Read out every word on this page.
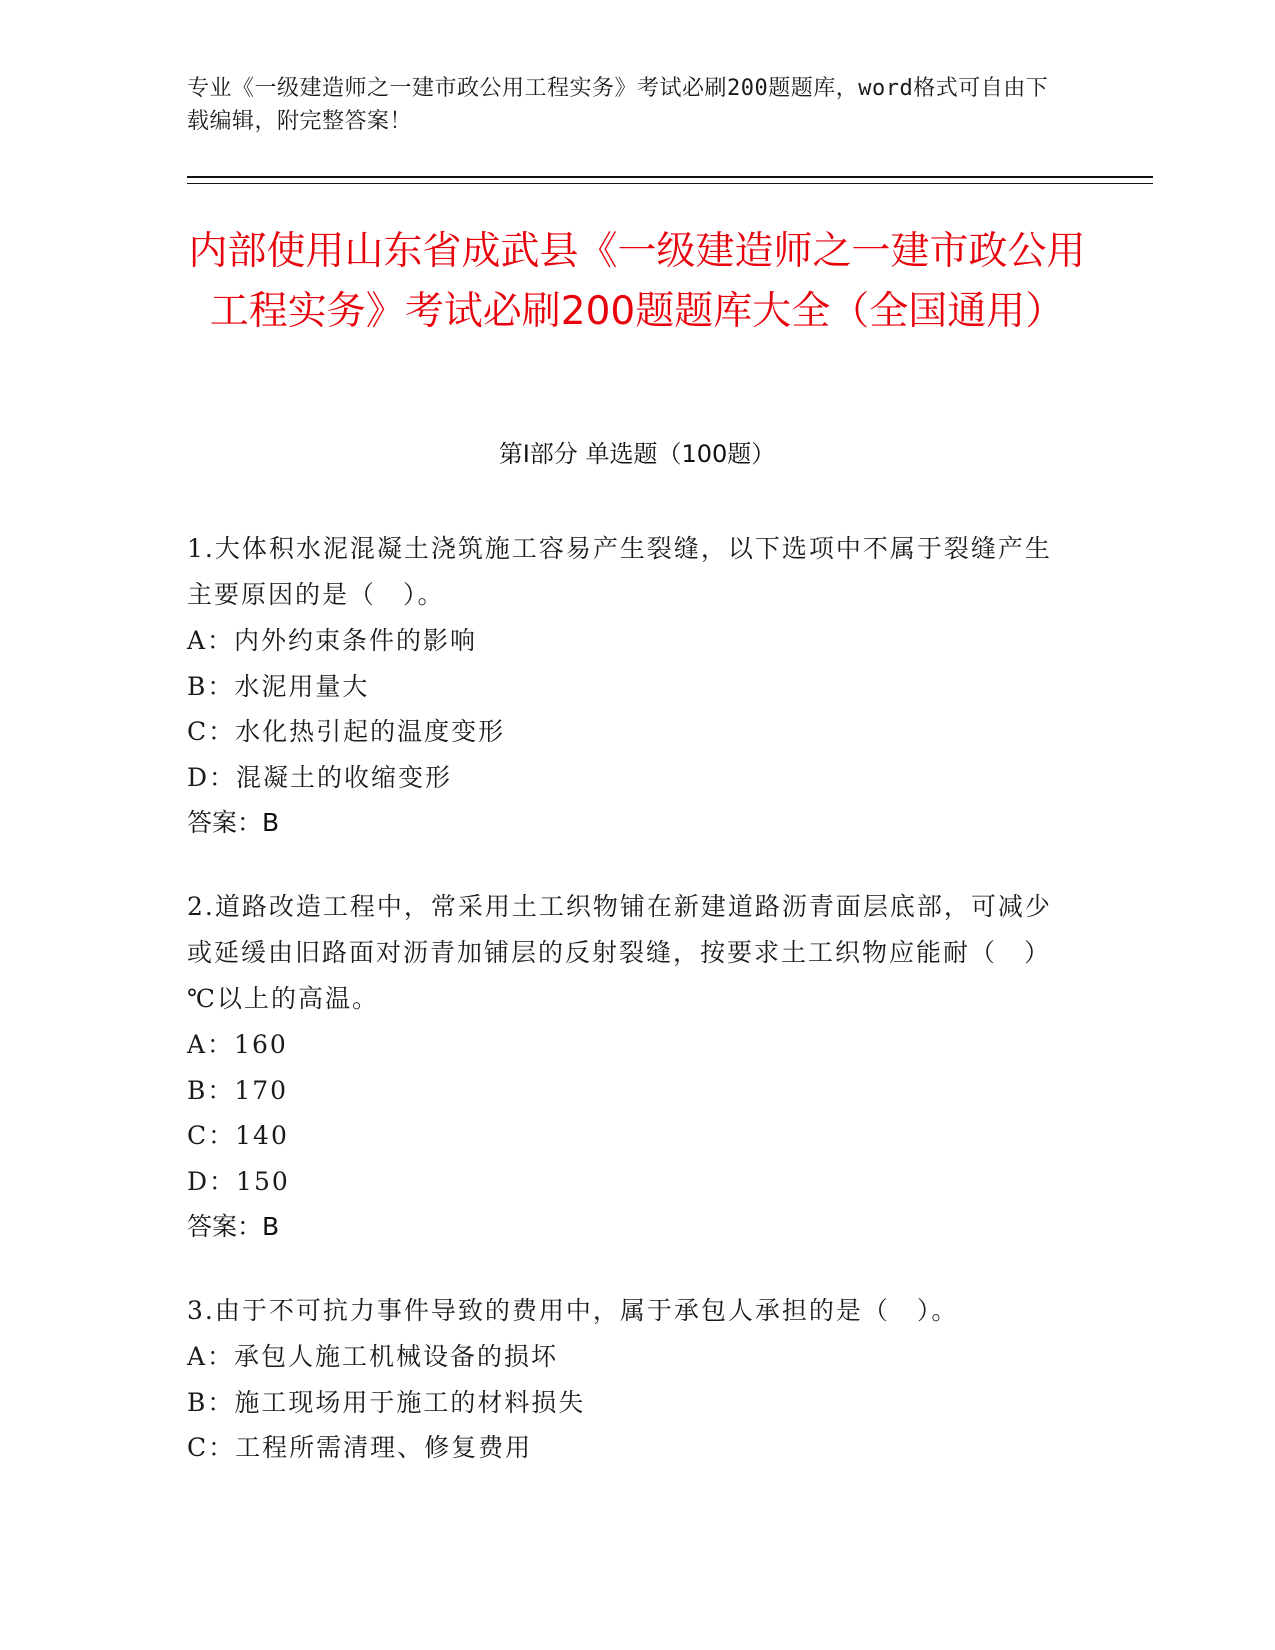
专业《一级建造师之一建市政公用工程实务》考试必刷200题题库，word格式可自由下载编辑，附完整答案！
内部使用山东省成武县《一级建造师之一建市政公用工程实务》考试必刷200题题库大全（全国通用）
第Ⅰ部分 单选题（100题）

1.大体积水泥混凝土浇筑施工容易产生裂缝，以下选项中不属于裂缝产生主要原因的是（　）。

A：内外约束条件的影响

B：水泥用量大

C：水化热引起的温度变形

D：混凝土的收缩变形

答案：B

2.道路改造工程中，常采用土工织物铺在新建道路沥青面层底部，可减少或延缓由旧路面对沥青加铺层的反射裂缝，按要求土工织物应能耐（　）℃以上的高温。

A：160

B：170

C：140

D：150

答案：B

3.由于不可抗力事件导致的费用中，属于承包人承担的是（　）。

A：承包人施工机械设备的损坏

B：施工现场用于施工的材料损失

C：工程所需清理、修复费用
